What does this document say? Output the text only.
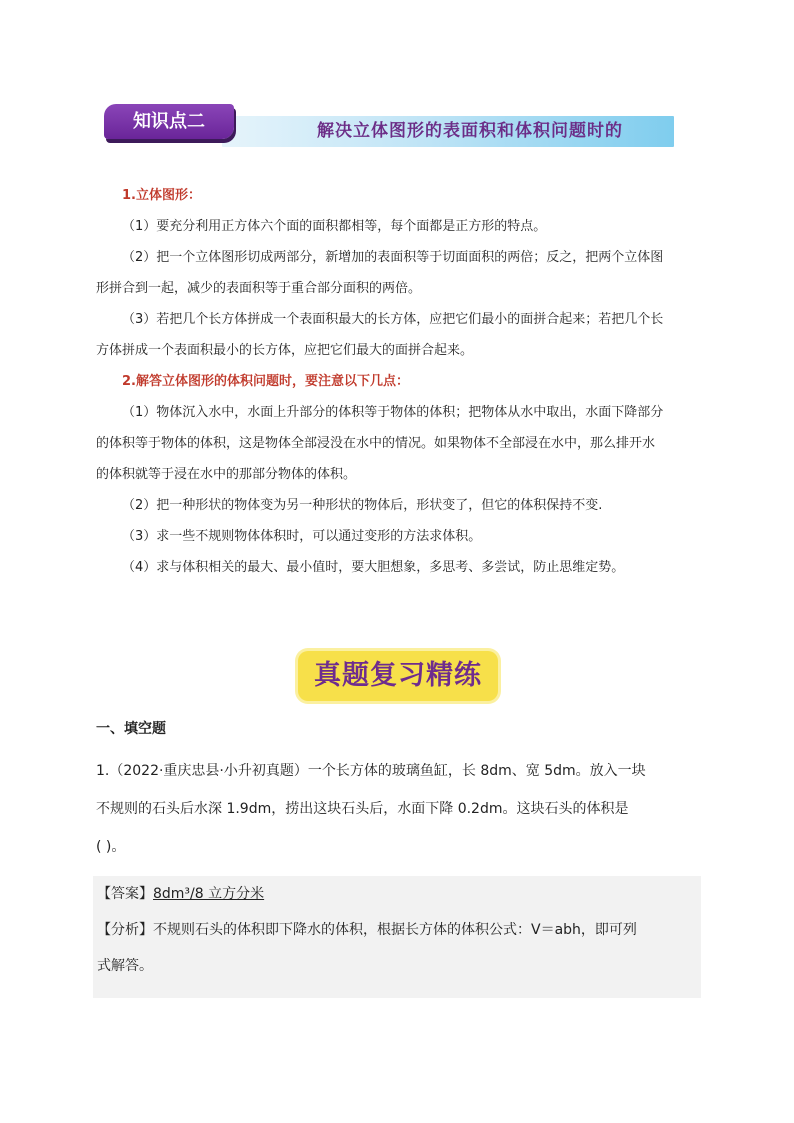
解决立体图形的表面积和体积问题时的
知识点二

1.立体图形：

（1）要充分利用正方体六个面的面积都相等，每个面都是正方形的特点。

（2）把一个立体图形切成两部分，新增加的表面积等于切面面积的两倍；反之，把两个立体图

形拼合到一起，减少的表面积等于重合部分面积的两倍。

（3）若把几个长方体拼成一个表面积最大的长方体，应把它们最小的面拼合起来；若把几个长

方体拼成一个表面积最小的长方体，应把它们最大的面拼合起来。

2.解答立体图形的体积问题时，要注意以下几点：

（1）物体沉入水中，水面上升部分的体积等于物体的体积；把物体从水中取出，水面下降部分

的体积等于物体的体积，这是物体全部浸没在水中的情况。如果物体不全部浸在水中，那么排开水

的体积就等于浸在水中的那部分物体的体积。

（2）把一种形状的物体变为另一种形状的物体后，形状变了，但它的体积保持不变.

（3）求一些不规则物体体积时，可以通过变形的方法求体积。

（4）求与体积相关的最大、最小值时，要大胆想象，多思考、多尝试，防止思维定势。

真题复习精练
一、填空题

1.（2022·重庆忠县·小升初真题）一个长方体的玻璃鱼缸，长 8dm、宽 5dm。放入一块

不规则的石头后水深 1.9dm，捞出这块石头后，水面下降 0.2dm。这块石头的体积是

( )。

【答案】8dm³/8 立方分米

【分析】不规则石头的体积即下降水的体积，根据长方体的体积公式：V＝abh，即可列

式解答。
